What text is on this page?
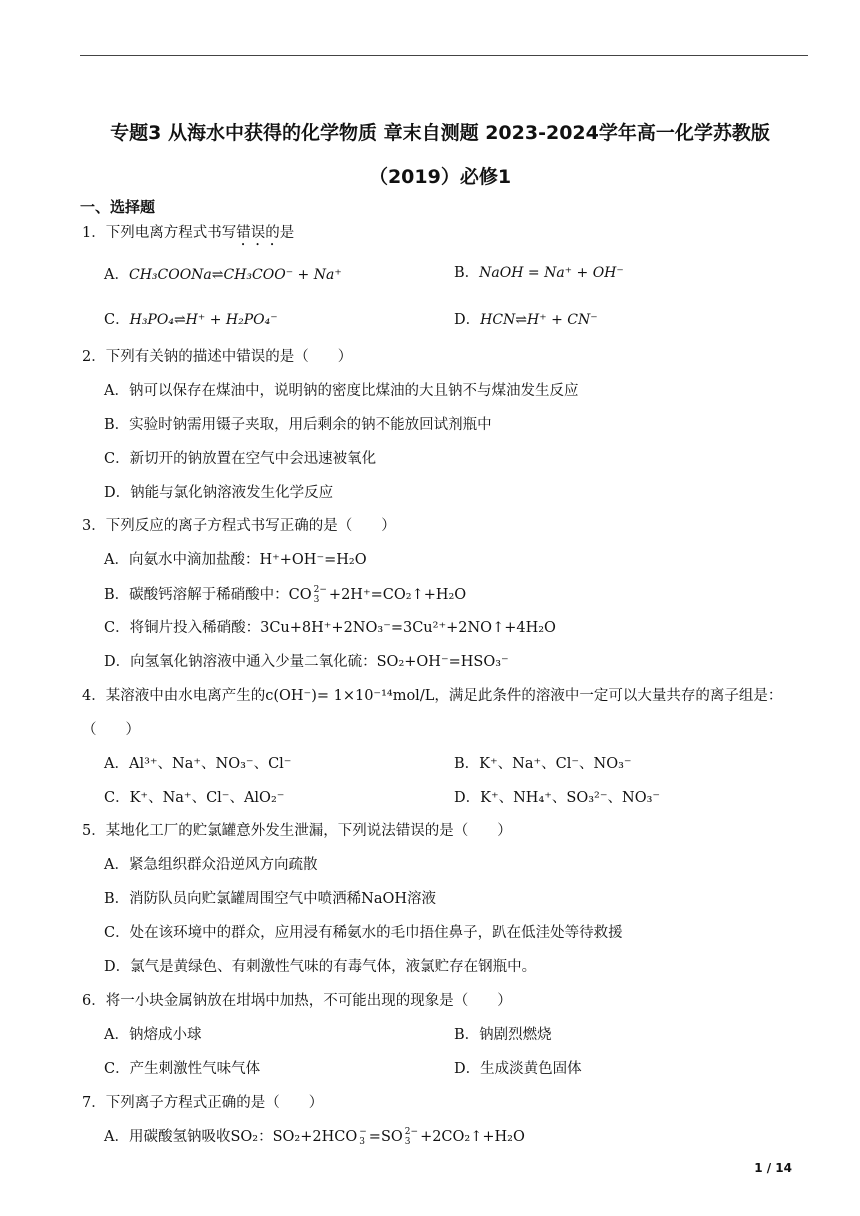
专题3 从海水中获得的化学物质 章末自测题 2023-2024学年高一化学苏教版
（2019）必修1
一、选择题
1．下列电离方程式书写错误的是
A．CH₃COONa⇌CH₃COO⁻ + Na⁺	B．NaOH = Na⁺ + OH⁻
C．H₃PO₄⇌H⁺ + H₂PO₄⁻	D．HCN⇌H⁺ + CN⁻
2．下列有关钠的描述中错误的是（　　）
A．钠可以保存在煤油中，说明钠的密度比煤油的大且钠不与煤油发生反应
B．实验时钠需用镊子夹取，用后剩余的钠不能放回试剂瓶中
C．新切开的钠放置在空气中会迅速被氧化
D．钠能与氯化钠溶液发生化学反应
3．下列反应的离子方程式书写正确的是（　　）
A．向氨水中滴加盐酸：H⁺+OH⁻=H₂O
B．碳酸钙溶解于稀硝酸中：CO 2−
3 +2H⁺=CO₂↑+H₂O
C．将铜片投入稀硝酸：3Cu+8H⁺+2NO₃⁻=3Cu²⁺+2NO↑+4H₂O
D．向氢氧化钠溶液中通入少量二氧化硫：SO₂+OH⁻=HSO₃⁻
4．某溶液中由水电离产生的c(OH⁻)= 1×10⁻¹⁴mol/L，满足此条件的溶液中一定可以大量共存的离子组是：
（　　）
A．Al³⁺、Na⁺、NO₃⁻、Cl⁻	B．K⁺、Na⁺、Cl⁻、NO₃⁻
C．K⁺、Na⁺、Cl⁻、AlO₂⁻	D．K⁺、NH₄⁺、SO₃²⁻、NO₃⁻
5．某地化工厂的贮氯罐意外发生泄漏，下列说法错误的是（　　）
A．紧急组织群众沿逆风方向疏散
B．消防队员向贮氯罐周围空气中喷洒稀NaOH溶液
C．处在该环境中的群众，应用浸有稀氨水的毛巾捂住鼻子，趴在低洼处等待救援
D．氯气是黄绿色、有刺激性气味的有毒气体，液氯贮存在钢瓶中。
6．将一小块金属钠放在坩埚中加热，不可能出现的现象是（　　）
A．钠熔成小球	B．钠剧烈燃烧
C．产生刺激性气味气体	D．生成淡黄色固体
7．下列离子方程式正确的是（　　）
A．用碳酸氢钠吸收SO₂：SO₂+2HCO −
3 =SO 2−
3 +2CO₂↑+H₂O
1 / 14
